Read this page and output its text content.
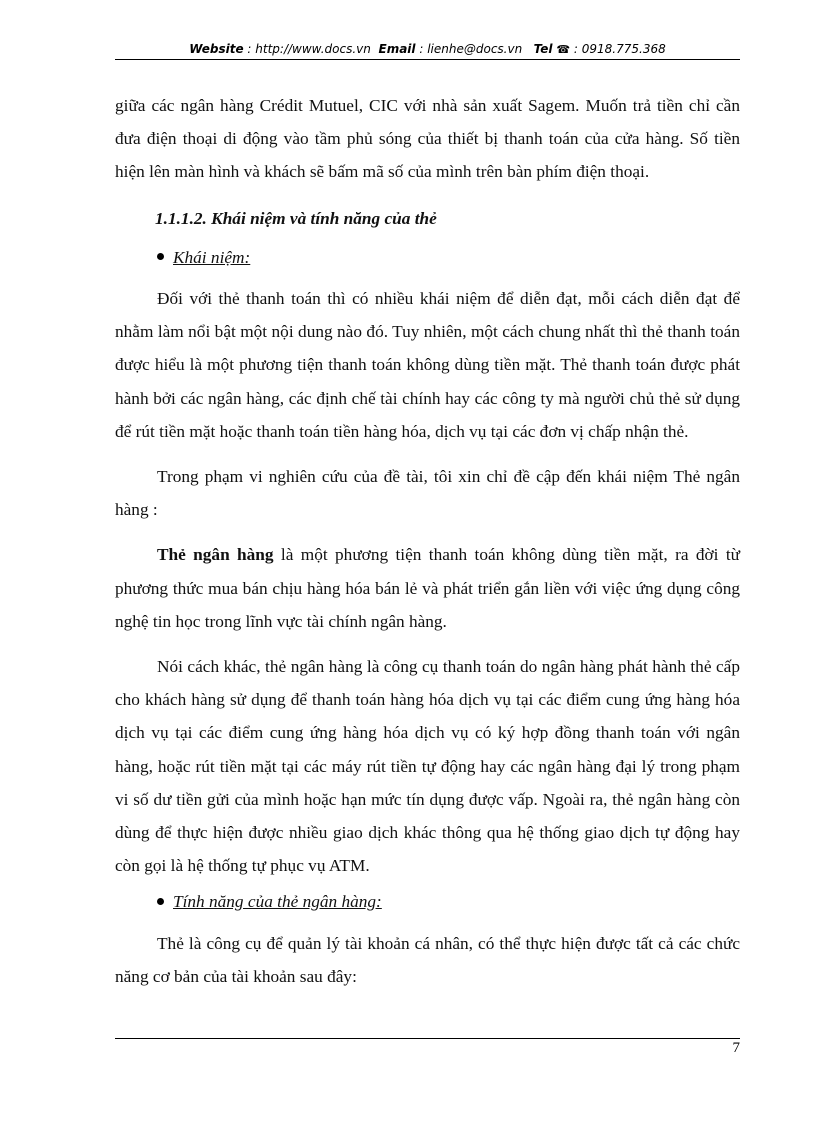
Website : http://www.docs.vn Email : lienhe@docs.vn Tel ☎ : 0918.775.368

giữa các ngân hàng Crédit Mutuel, CIC với nhà sản xuất Sagem. Muốn trả tiền chỉ cần đưa điện thoại di động vào tầm phủ sóng của thiết bị thanh toán của cửa hàng. Số tiền hiện lên màn hình và khách sẽ bấm mã số của mình trên bàn phím điện thoại.

1.1.1.2. Khái niệm và tính năng của thẻ

Khái niệm:

Đối với thẻ thanh toán thì có nhiều khái niệm để diễn đạt, mỗi cách diễn đạt để nhằm làm nổi bật một nội dung nào đó. Tuy nhiên, một cách chung nhất thì thẻ thanh toán được hiểu là một phương tiện thanh toán không dùng tiền mặt. Thẻ thanh toán được phát hành bởi các ngân hàng, các định chế tài chính hay các công ty mà người chủ thẻ sử dụng để rút tiền mặt hoặc thanh toán tiền hàng hóa, dịch vụ tại các đơn vị chấp nhận thẻ.

Trong phạm vi nghiên cứu của đề tài, tôi xin chỉ đề cập đến khái niệm Thẻ ngân hàng :

Thẻ ngân hàng là một phương tiện thanh toán không dùng tiền mặt, ra đời từ phương thức mua bán chịu hàng hóa bán lẻ và phát triển gắn liền với việc ứng dụng công nghệ tin học trong lĩnh vực tài chính ngân hàng.

Nói cách khác, thẻ ngân hàng là công cụ thanh toán do ngân hàng phát hành thẻ cấp cho khách hàng sử dụng để thanh toán hàng hóa dịch vụ tại các điểm cung ứng hàng hóa dịch vụ tại các điểm cung ứng hàng hóa dịch vụ có ký hợp đồng thanh toán với ngân hàng, hoặc rút tiền mặt tại các máy rút tiền tự động hay các ngân hàng đại lý trong phạm vi số dư tiền gửi của mình hoặc hạn mức tín dụng được vấp. Ngoài ra, thẻ ngân hàng còn dùng để thực hiện được nhiều giao dịch khác thông qua hệ thống giao dịch tự động hay còn gọi là hệ thống tự phục vụ ATM.

Tính năng của thẻ ngân hàng:

Thẻ là công cụ để quản lý tài khoản cá nhân, có thể thực hiện được tất cả các chức năng cơ bản của tài khoản sau đây:

7
